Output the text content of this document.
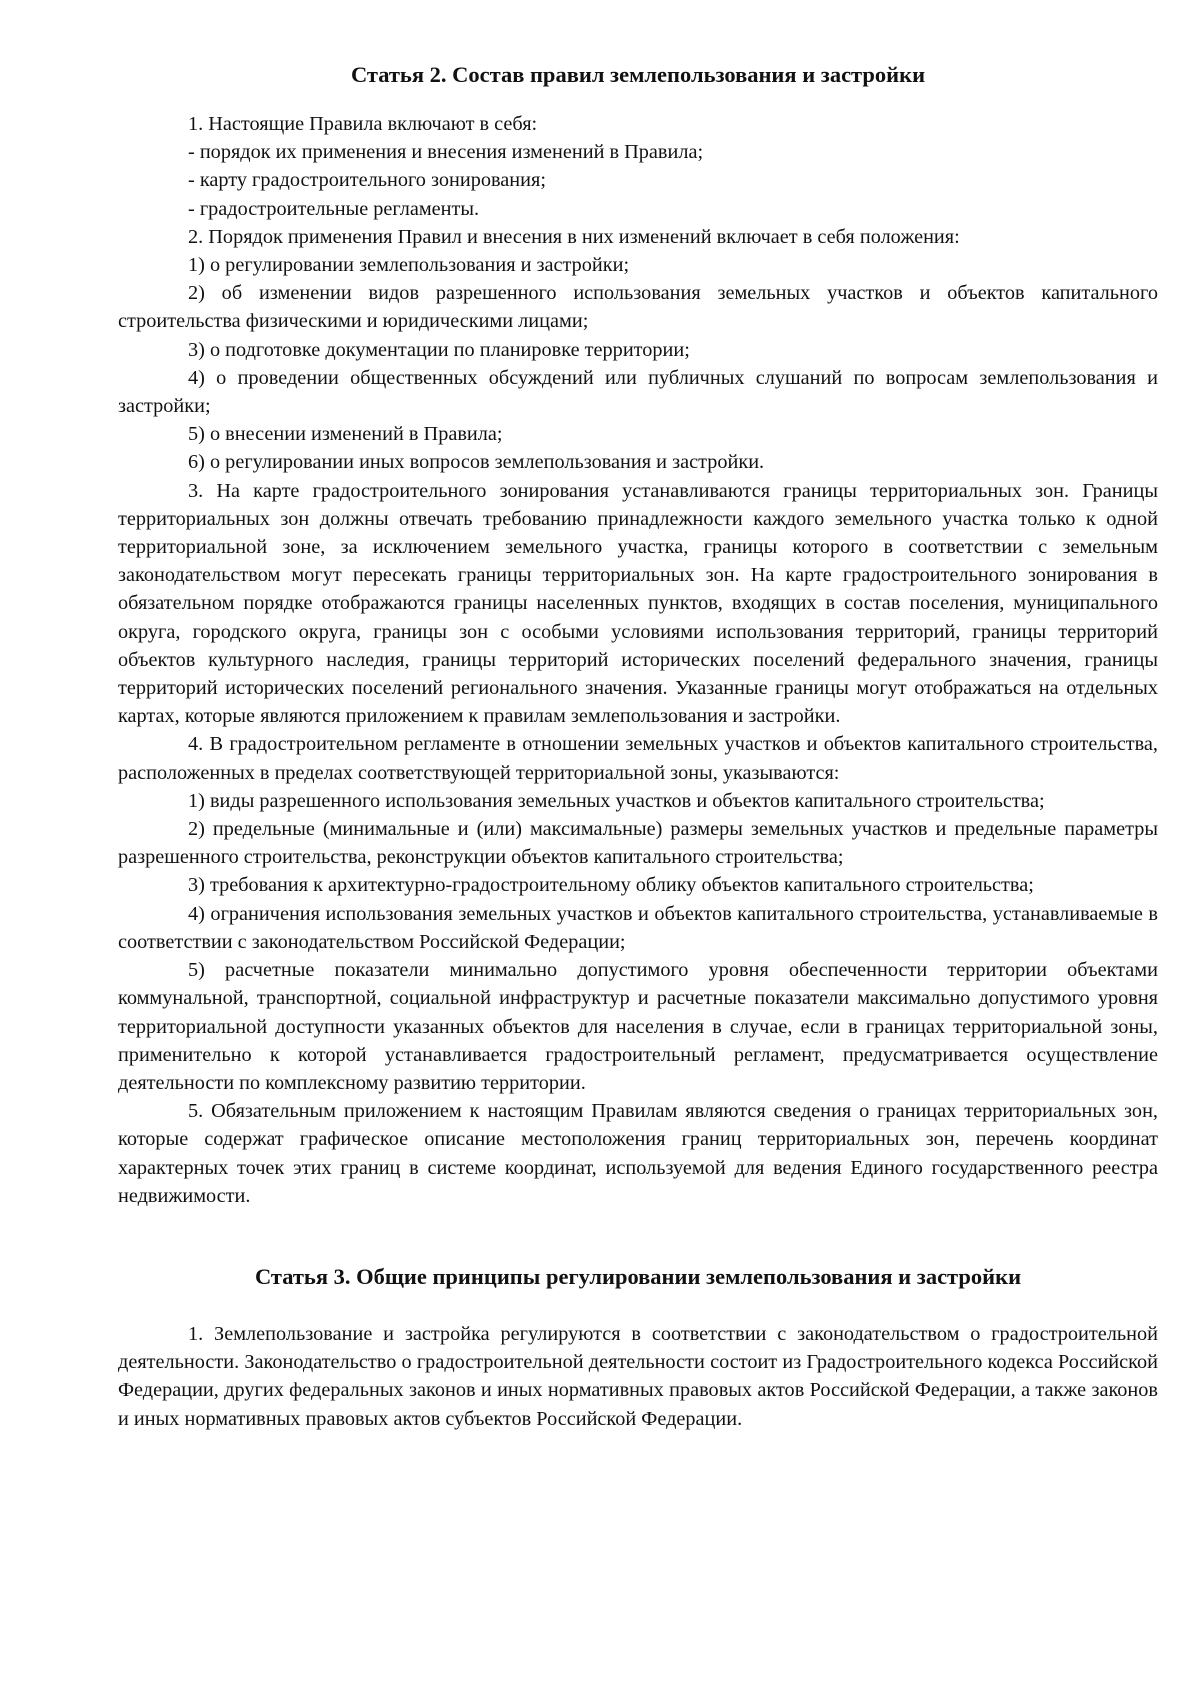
Статья 2. Состав правил землепользования и застройки

1. Настоящие Правила включают в себя:

- порядок их применения и внесения изменений в Правила;

- карту градостроительного зонирования;

- градостроительные регламенты.

2. Порядок применения Правил и внесения в них изменений включает в себя положения:

1) о регулировании землепользования и застройки;

2) об изменении видов разрешенного использования земельных участков и объектов капитального строительства физическими и юридическими лицами;

3) о подготовке документации по планировке территории;

4) о проведении общественных обсуждений или публичных слушаний по вопросам землепользования и застройки;

5) о внесении изменений в Правила;

6) о регулировании иных вопросов землепользования и застройки.

3. На карте градостроительного зонирования устанавливаются границы территориальных зон. Границы территориальных зон должны отвечать требованию принадлежности каждого земельного участка только к одной территориальной зоне, за исключением земельного участка, границы которого в соответствии с земельным законодательством могут пересекать границы территориальных зон. На карте градостроительного зонирования в обязательном порядке отображаются границы населенных пунктов, входящих в состав поселения, муниципального округа, городского округа, границы зон с особыми условиями использования территорий, границы территорий объектов культурного наследия, границы территорий исторических поселений федерального значения, границы территорий исторических поселений регионального значения. Указанные границы могут отображаться на отдельных картах, которые являются приложением к правилам землепользования и застройки.

4. В градостроительном регламенте в отношении земельных участков и объектов капитального строительства, расположенных в пределах соответствующей территориальной зоны, указываются:

1) виды разрешенного использования земельных участков и объектов капитального строительства;

2) предельные (минимальные и (или) максимальные) размеры земельных участков и предельные параметры разрешенного строительства, реконструкции объектов капитального строительства;

3) требования к архитектурно-градостроительному облику объектов капитального строительства;

4) ограничения использования земельных участков и объектов капитального строительства, устанавливаемые в соответствии с законодательством Российской Федерации;

5) расчетные показатели минимально допустимого уровня обеспеченности территории объектами коммунальной, транспортной, социальной инфраструктур и расчетные показатели максимально допустимого уровня территориальной доступности указанных объектов для населения в случае, если в границах территориальной зоны, применительно к которой устанавливается градостроительный регламент, предусматривается осуществление деятельности по комплексному развитию территории.

5. Обязательным приложением к настоящим Правилам являются сведения о границах территориальных зон, которые содержат графическое описание местоположения границ территориальных зон, перечень координат характерных точек этих границ в системе координат, используемой для ведения Единого государственного реестра недвижимости.

Статья 3. Общие принципы регулировании землепользования и застройки

1. Землепользование и застройка регулируются в соответствии с законодательством о градостроительной деятельности. Законодательство о градостроительной деятельности состоит из Градостроительного кодекса Российской Федерации, других федеральных законов и иных нормативных правовых актов Российской Федерации, а также законов и иных нормативных правовых актов субъектов Российской Федерации.
